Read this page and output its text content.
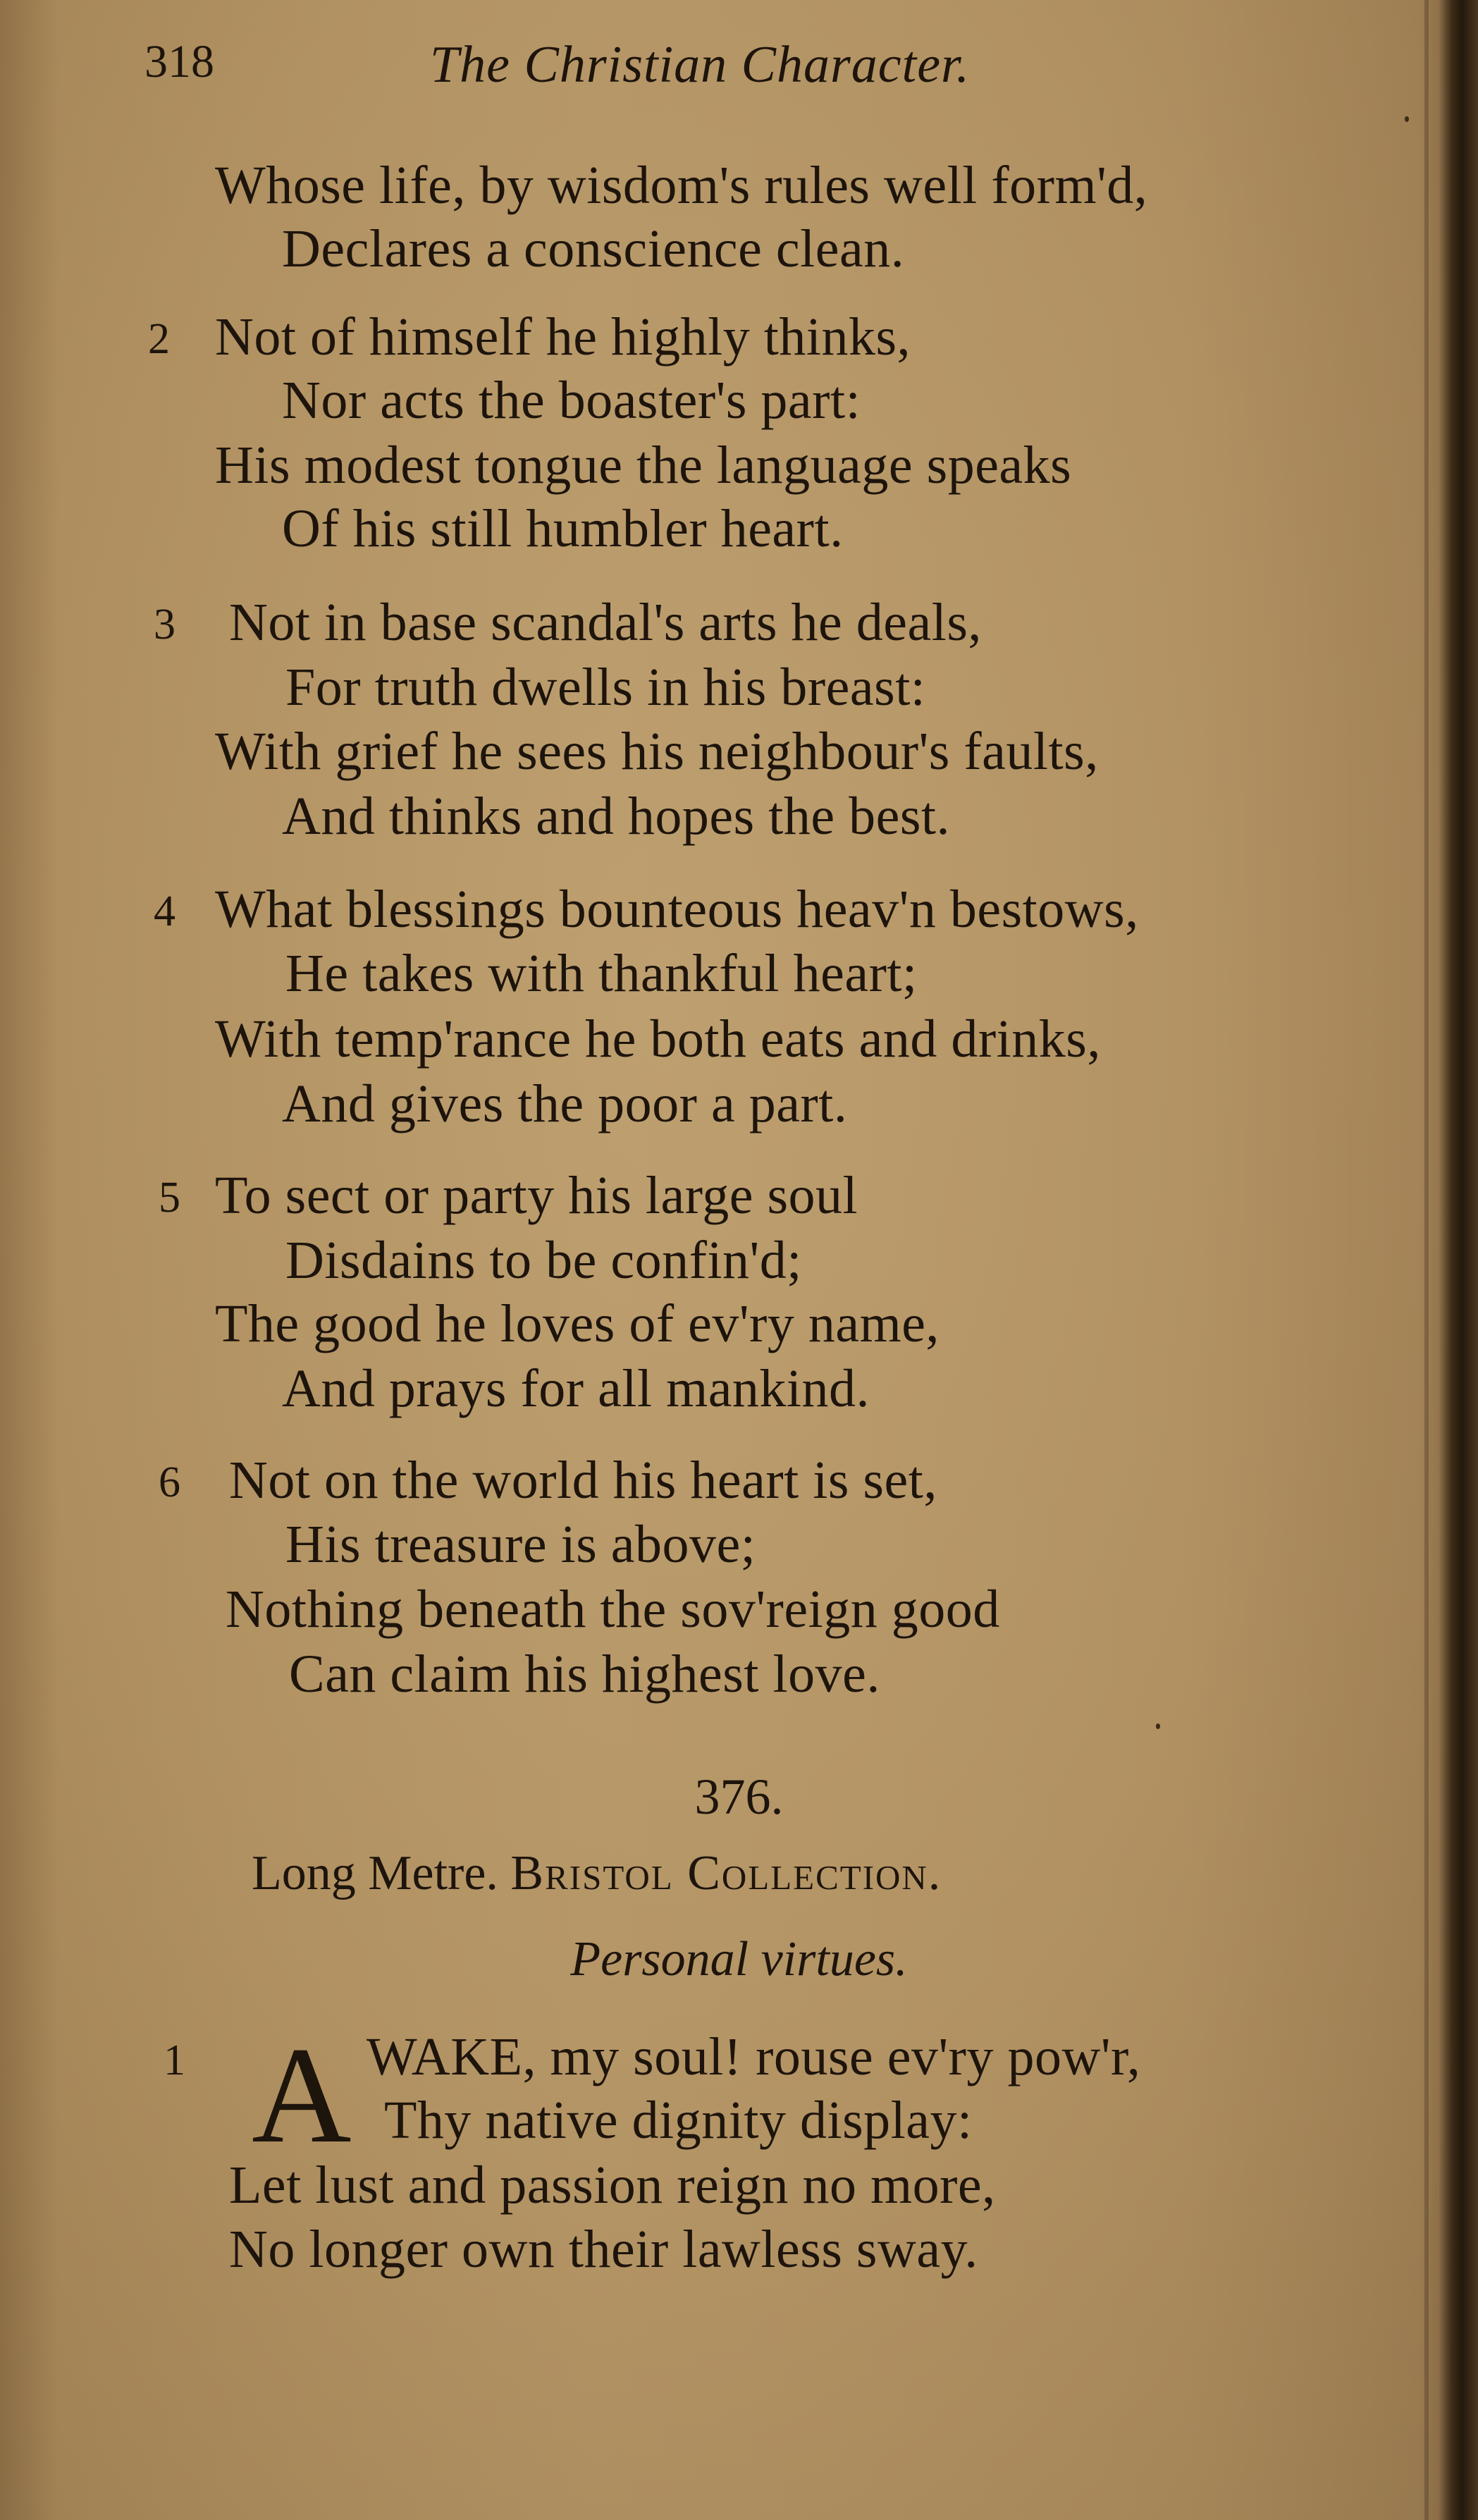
318	The Christian Character.
Whose life, by wisdom's rules well form'd,
Declares a conscience clean.
2 Not of himself he highly thinks,
Nor acts the boaster's part:
His modest tongue the language speaks
Of his still humbler heart.
3 Not in base scandal's arts he deals,
For truth dwells in his breast:
With grief he sees his neighbour's faults,
And thinks and hopes the best.
4 What blessings bounteous heav'n bestows,
He takes with thankful heart;
With temp'rance he both eats and drinks,
And gives the poor a part.
5 To sect or party his large soul
Disdains to be confin'd;
The good he loves of ev'ry name,
And prays for all mankind.
6 Not on the world his heart is set,
His treasure is above;
Nothing beneath the sov'reign good
Can claim his highest love.
376.
Long Metre. Bristol Collection.
Personal virtues.
1 A WAKE, my soul! rouse ev'ry pow'r,
Thy native dignity display:
Let lust and passion reign no more,
No longer own their lawless sway.
